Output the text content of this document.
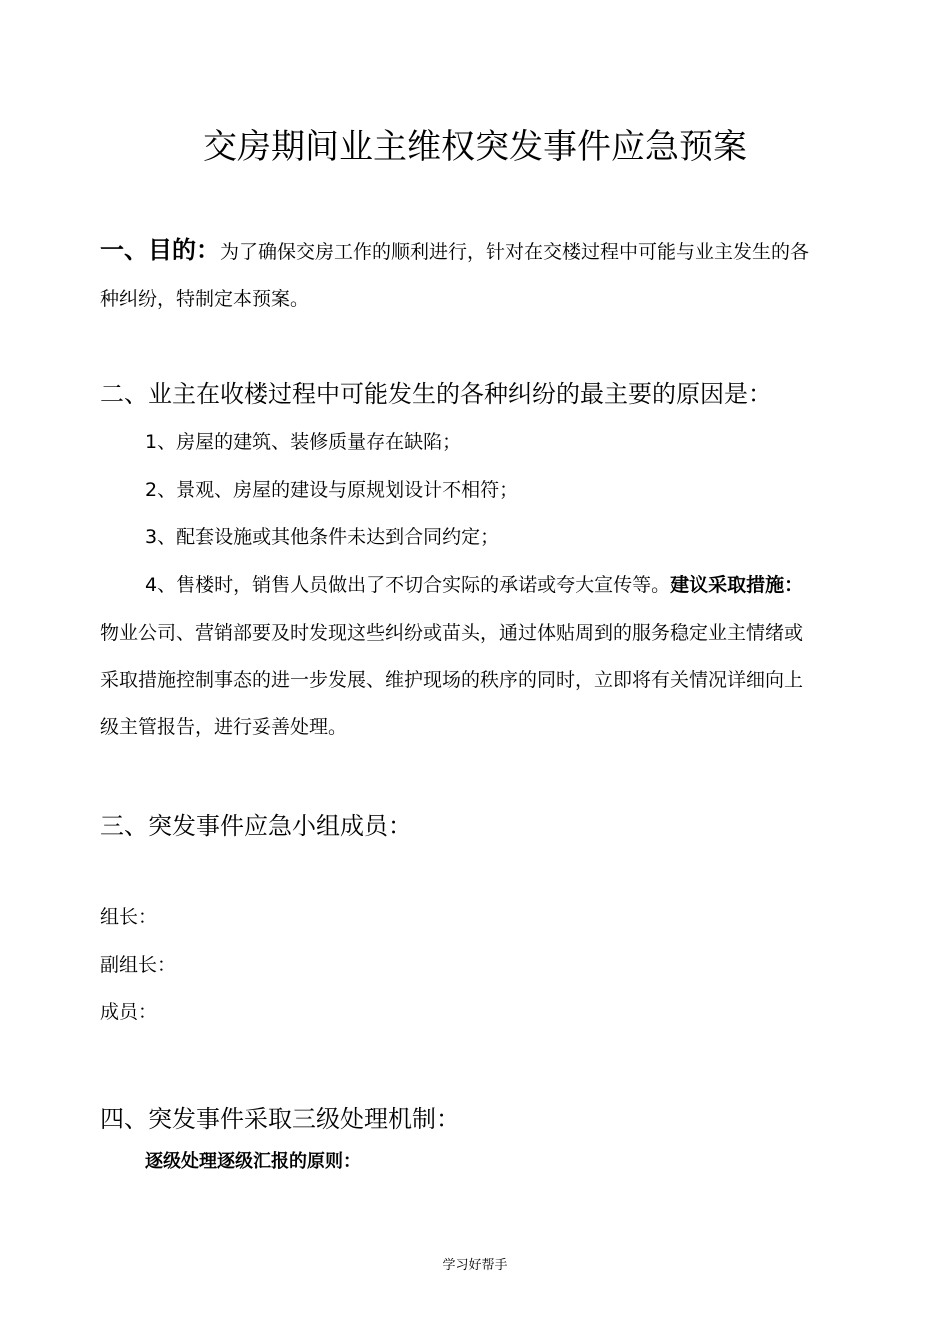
交房期间业主维权突发事件应急预案
一、目的：为了确保交房工作的顺利进行，针对在交楼过程中可能与业主发生的各
种纠纷，特制定本预案。
二、业主在收楼过程中可能发生的各种纠纷的最主要的原因是：
1、房屋的建筑、装修质量存在缺陷；
2、景观、房屋的建设与原规划设计不相符；
3、配套设施或其他条件未达到合同约定；
4、售楼时，销售人员做出了不切合实际的承诺或夸大宣传等。建议采取措施：
物业公司、营销部要及时发现这些纠纷或苗头，通过体贴周到的服务稳定业主情绪或
采取措施控制事态的进一步发展、维护现场的秩序的同时，立即将有关情况详细向上
级主管报告，进行妥善处理。
三、突发事件应急小组成员：
组长：
副组长：
成员：
四、突发事件采取三级处理机制：
逐级处理逐级汇报的原则：
学习好帮手
